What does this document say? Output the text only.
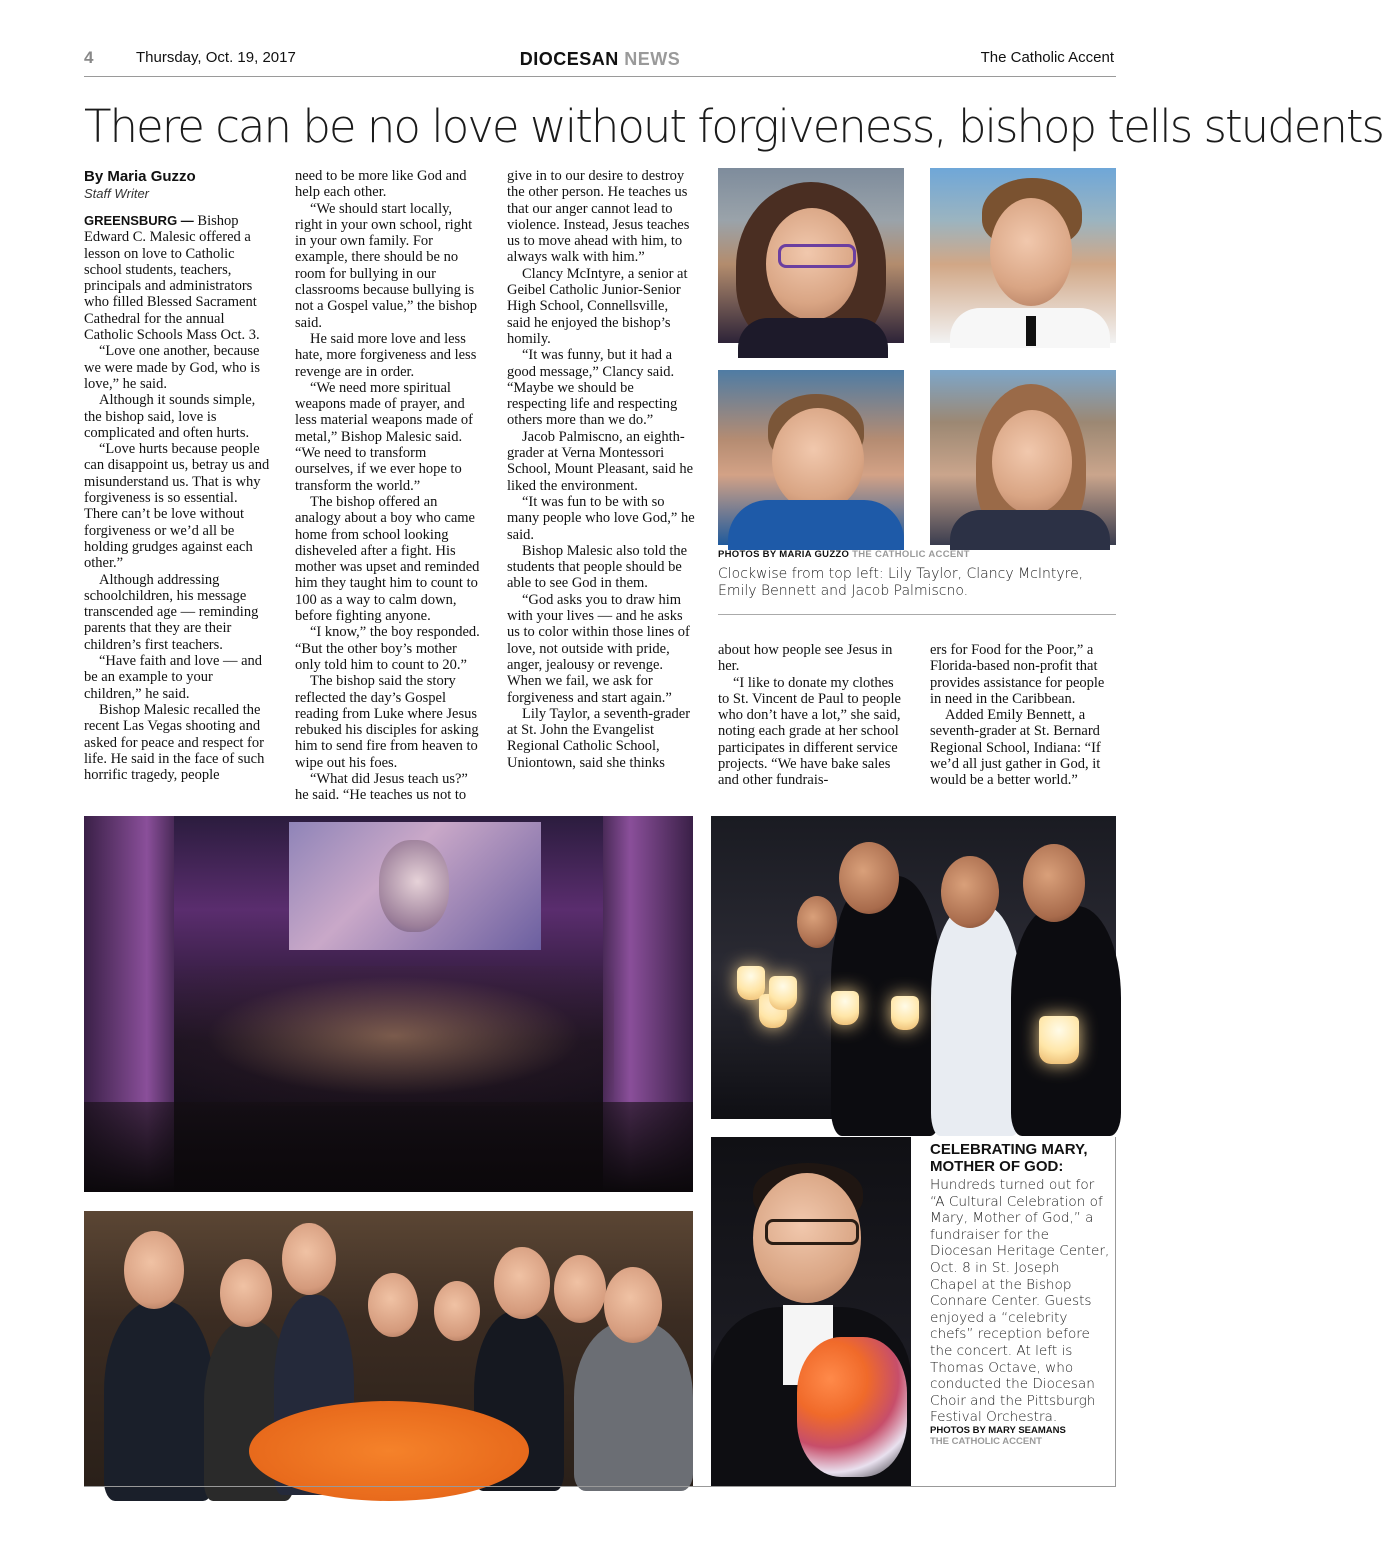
4	Thursday, Oct. 19, 2017	DIOCESAN NEWS	The Catholic Accent
There can be no love without forgiveness, bishop tells students
By Maria Guzzo
Staff Writer

GREENSBURG — Bishop Edward C. Malesic offered a lesson on love to Catholic school students, teachers, principals and administrators who filled Blessed Sacrament Cathedral for the annual Catholic Schools Mass Oct. 3.

“Love one another, because we were made by God, who is love,” he said.

Although it sounds simple, the bishop said, love is complicated and often hurts.

“Love hurts because people can disappoint us, betray us and misunderstand us. That is why forgiveness is so essential. There can’t be love without forgiveness or we’d all be holding grudges against each other.”

Although addressing schoolchildren, his message transcended age — reminding parents that they are their children’s first teachers.

“Have faith and love — and be an example to your children,” he said.

Bishop Malesic recalled the recent Las Vegas shooting and asked for peace and respect for life. He said in the face of such horrific tragedy, people

need to be more like God and help each other.

“We should start locally, right in your own school, right in your own family. For example, there should be no room for bullying in our classrooms because bullying is not a Gospel value,” the bishop said.

He said more love and less hate, more forgiveness and less revenge are in order.

“We need more spiritual weapons made of prayer, and less material weapons made of metal,” Bishop Malesic said. “We need to transform ourselves, if we ever hope to transform the world.”

The bishop offered an analogy about a boy who came home from school looking disheveled after a fight. His mother was upset and reminded him they taught him to count to 100 as a way to calm down, before fighting anyone.

“I know,” the boy responded. “But the other boy’s mother only told him to count to 20.”

The bishop said the story reflected the day’s Gospel reading from Luke where Jesus rebuked his disciples for asking him to send fire from heaven to wipe out his foes.

“What did Jesus teach us?” he said. “He teaches us not to

give in to our desire to destroy the other person. He teaches us that our anger cannot lead to violence. Instead, Jesus teaches us to move ahead with him, to always walk with him.”

Clancy McIntyre, a senior at Geibel Catholic Junior-Senior High School, Connellsville, said he enjoyed the bishop’s homily.

“It was funny, but it had a good message,” Clancy said. “Maybe we should be respecting life and respecting others more than we do.”

Jacob Palmiscno, an eighth-grader at Verna Montessori School, Mount Pleasant, said he liked the environment.

“It was fun to be with so many people who love God,” he said.

Bishop Malesic also told the students that people should be able to see God in them.

“God asks you to draw him with your lives — and he asks us to color within those lines of love, not outside with pride, anger, jealousy or revenge. When we fail, we ask for forgiveness and start again.”

Lily Taylor, a seventh-grader at St. John the Evangelist Regional Catholic School, Uniontown, said she thinks

about how people see Jesus in her.

“I like to donate my clothes to St. Vincent de Paul to people who don’t have a lot,” she said, noting each grade at her school participates in different service projects. “We have bake sales and other fundrais-

ers for Food for the Poor,” a Florida-based non-profit that provides assistance for people in need in the Caribbean.

Added Emily Bennett, a seventh-grader at St. Bernard Regional School, Indiana: “If we’d all just gather in God, it would be a better world.”

PHOTOS BY MARIA GUZZO THE CATHOLIC ACCENT
Clockwise from top left: Lily Taylor, Clancy McIntyre, Emily Bennett and Jacob Palmiscno.
CELEBRATING MARY, MOTHER OF GOD:
Hundreds turned out for “A Cultural Celebration of Mary, Mother of God,” a fundraiser for the Diocesan Heritage Center, Oct. 8 in St. Joseph Chapel at the Bishop Connare Center. Guests enjoyed a “celebrity chefs” reception before the concert. At left is Thomas Octave, who conducted the Diocesan Choir and the Pittsburgh Festival Orchestra.
PHOTOS BY MARY SEAMANS
THE CATHOLIC ACCENT
